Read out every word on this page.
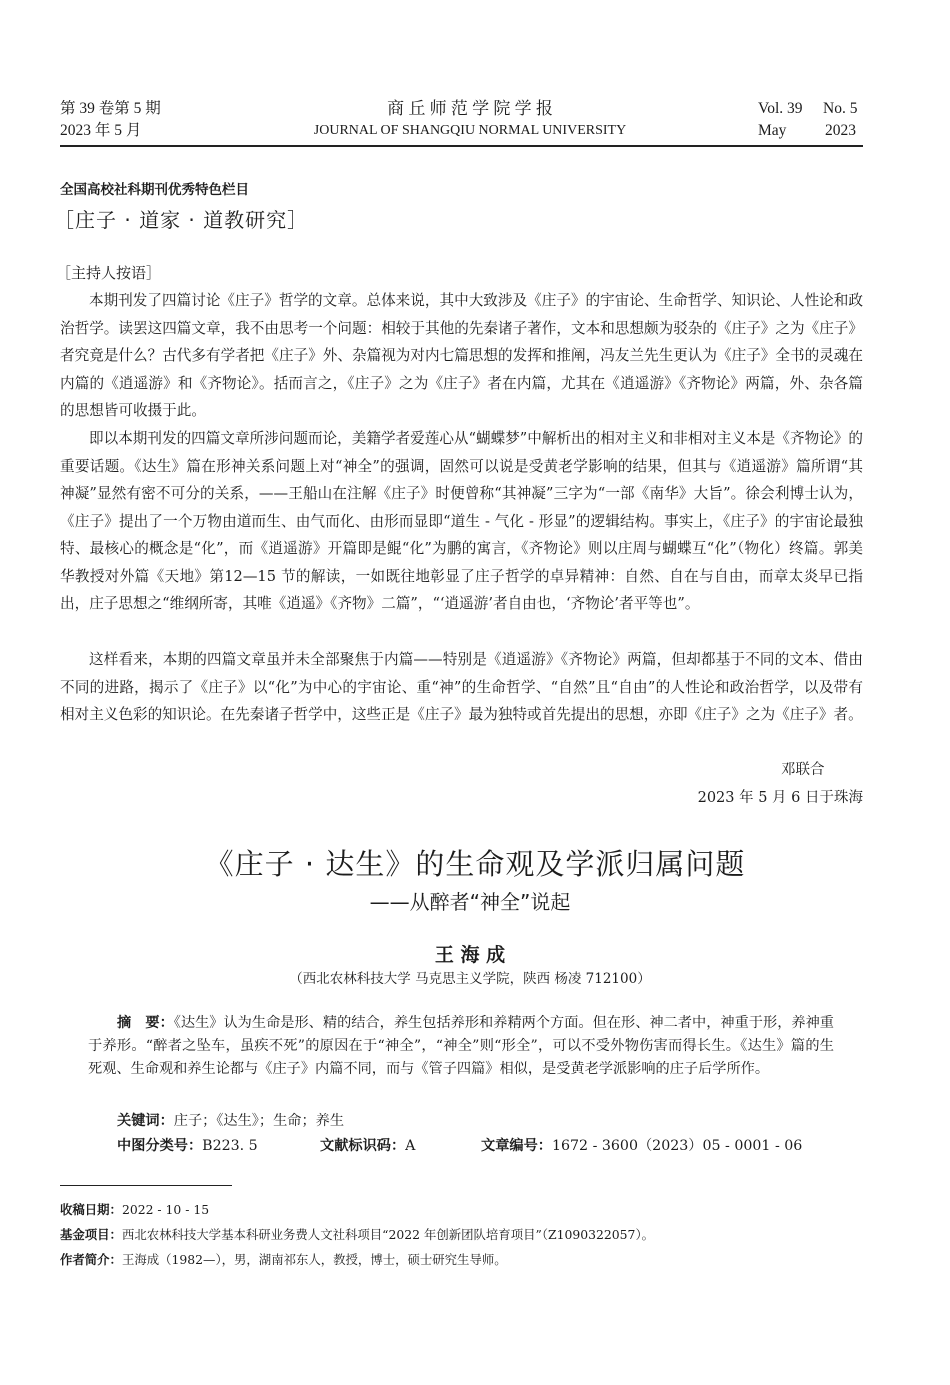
第 39 卷第 5 期
2023 年 5 月
商 丘 师 范 学 院 学 报
JOURNAL OF SHANGQIU NORMAL UNIVERSITY
Vol. 39 No. 5
May 2023
全国高校社科期刊优秀特色栏目
［庄子 · 道家 · 道教研究］
［主持人按语］

本期刊发了四篇讨论《庄子》哲学的文章。总体来说，其中大致涉及《庄子》的宇宙论、生命哲学、知识论、人性论和政治哲学。读罢这四篇文章，我不由思考一个问题：相较于其他的先秦诸子著作，文本和思想颇为驳杂的《庄子》之为《庄子》者究竟是什么？古代多有学者把《庄子》外、杂篇视为对内七篇思想的发挥和推阐，冯友兰先生更认为《庄子》全书的灵魂在内篇的《逍遥游》和《齐物论》。括而言之，《庄子》之为《庄子》者在内篇，尤其在《逍遥游》《齐物论》两篇，外、杂各篇的思想皆可收摄于此。

即以本期刊发的四篇文章所涉问题而论，美籍学者爱莲心从“蝴蝶梦”中解析出的相对主义和非相对主义本是《齐物论》的重要话题。《达生》篇在形神关系问题上对“神全”的强调，固然可以说是受黄老学影响的结果，但其与《逍遥游》篇所谓“其神凝”显然有密不可分的关系，——王船山在注解《庄子》时便曾称“其神凝”三字为“一部《南华》大旨”。徐会利博士认为，《庄子》提出了一个万物由道而生、由气而化、由形而显即“道生 - 气化 - 形显”的逻辑结构。事实上，《庄子》的宇宙论最独特、最核心的概念是“化”，而《逍遥游》开篇即是鲲“化”为鹏的寓言，《齐物论》则以庄周与蝴蝶互“化”（物化）终篇。郭美华教授对外篇《天地》第12—15 节的解读，一如既往地彰显了庄子哲学的卓异精神：自然、自在与自由，而章太炎早已指出，庄子思想之“维纲所寄，其唯《逍遥》《齐物》二篇”，“‘逍遥游’者自由也，‘齐物论’者平等也”。

这样看来，本期的四篇文章虽并未全部聚焦于内篇——特别是《逍遥游》《齐物论》两篇，但却都基于不同的文本、借由不同的进路，揭示了《庄子》以“化”为中心的宇宙论、重“神”的生命哲学、“自然”且“自由”的人性论和政治哲学，以及带有相对主义色彩的知识论。在先秦诸子哲学中，这些正是《庄子》最为独特或首先提出的思想，亦即《庄子》之为《庄子》者。

邓联合
2023 年 5 月 6 日于珠海
《庄子 · 达生》的生命观及学派归属问题
——从醉者“神全”说起
王 海 成
（西北农林科技大学 马克思主义学院，陕西 杨凌 712100）

摘　要：《达生》认为生命是形、精的结合，养生包括养形和养精两个方面。但在形、神二者中，神重于形，养神重于养形。“醉者之坠车，虽疾不死”的原因在于“神全”，“神全”则“形全”，可以不受外物伤害而得长生。《达生》篇的生死观、生命观和养生论都与《庄子》内篇不同，而与《管子四篇》相似，是受黄老学派影响的庄子后学所作。

关键词：庄子；《达生》；生命；养生
中图分类号：B223. 5	文献标识码：A	文章编号：1672 - 3600（2023）05 - 0001 - 06
收稿日期：2022 - 10 - 15
基金项目：西北农林科技大学基本科研业务费人文社科项目“2022 年创新团队培育项目”（Z1090322057）。
作者简介：王海成（1982—），男，湖南祁东人，教授，博士，硕士研究生导师。
